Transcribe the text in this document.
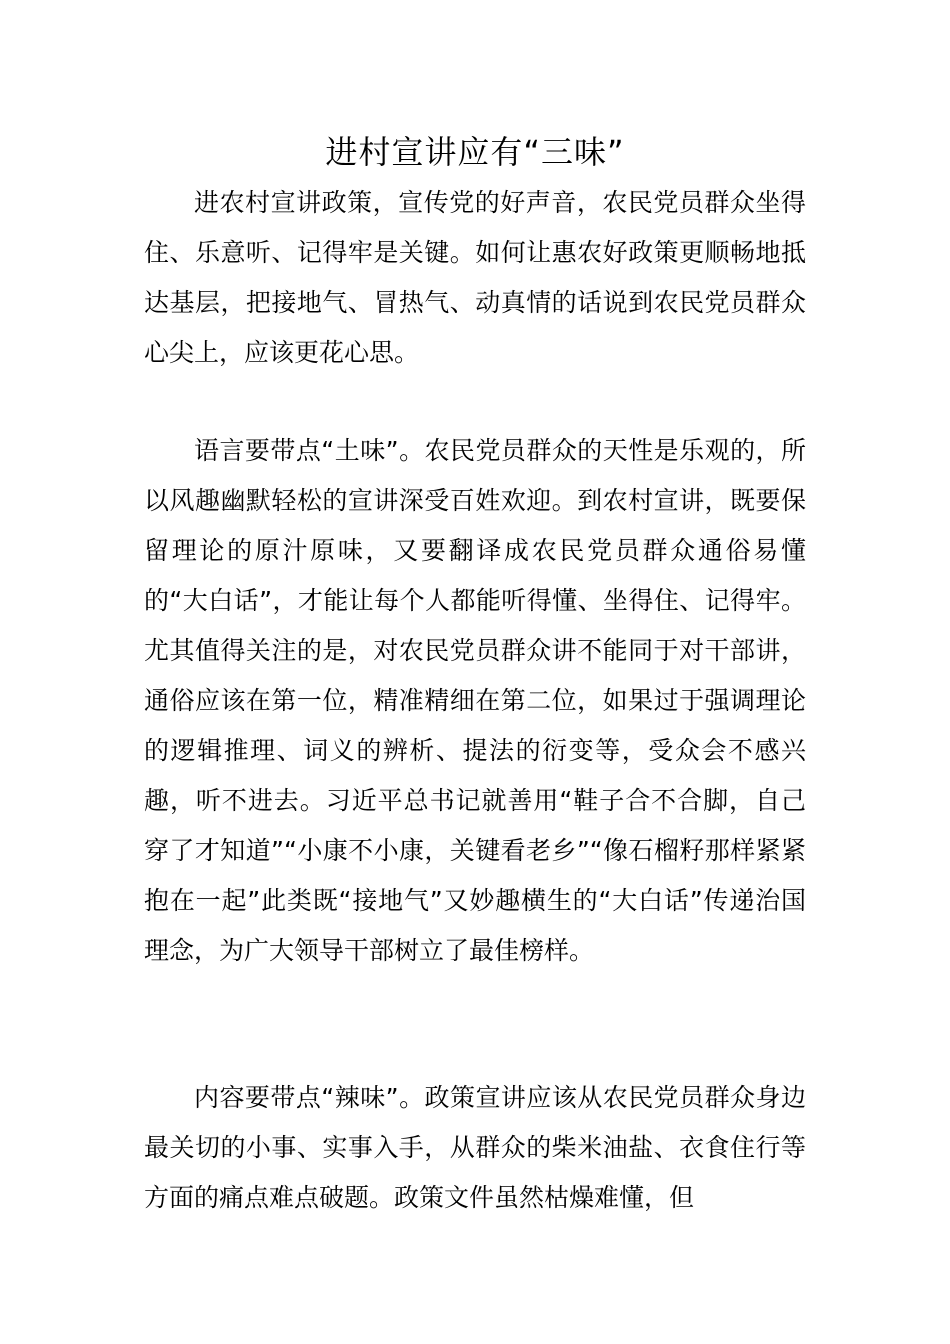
进村宣讲应有“三味”

进农村宣讲政策，宣传党的好声音，农民党员群众坐得住、乐意听、记得牢是关键。如何让惠农好政策更顺畅地抵达基层，把接地气、冒热气、动真情的话说到农民党员群众心尖上，应该更花心思。

语言要带点“土味”。农民党员群众的天性是乐观的，所以风趣幽默轻松的宣讲深受百姓欢迎。到农村宣讲，既要保留理论的原汁原味，又要翻译成农民党员群众通俗易懂的“大白话”，才能让每个人都能听得懂、坐得住、记得牢。尤其值得关注的是，对农民党员群众讲不能同于对干部讲，通俗应该在第一位，精准精细在第二位，如果过于强调理论的逻辑推理、词义的辨析、提法的衍变等，受众会不感兴趣，听不进去。习近平总书记就善用“鞋子合不合脚，自己穿了才知道”“小康不小康，关键看老乡”“像石榴籽那样紧紧抱在一起”此类既“接地气”又妙趣横生的“大白话”传递治国理念，为广大领导干部树立了最佳榜样。

内容要带点“辣味”。政策宣讲应该从农民党员群众身边最关切的小事、实事入手，从群众的柴米油盐、衣食住行等方面的痛点难点破题。政策文件虽然枯燥难懂，但
